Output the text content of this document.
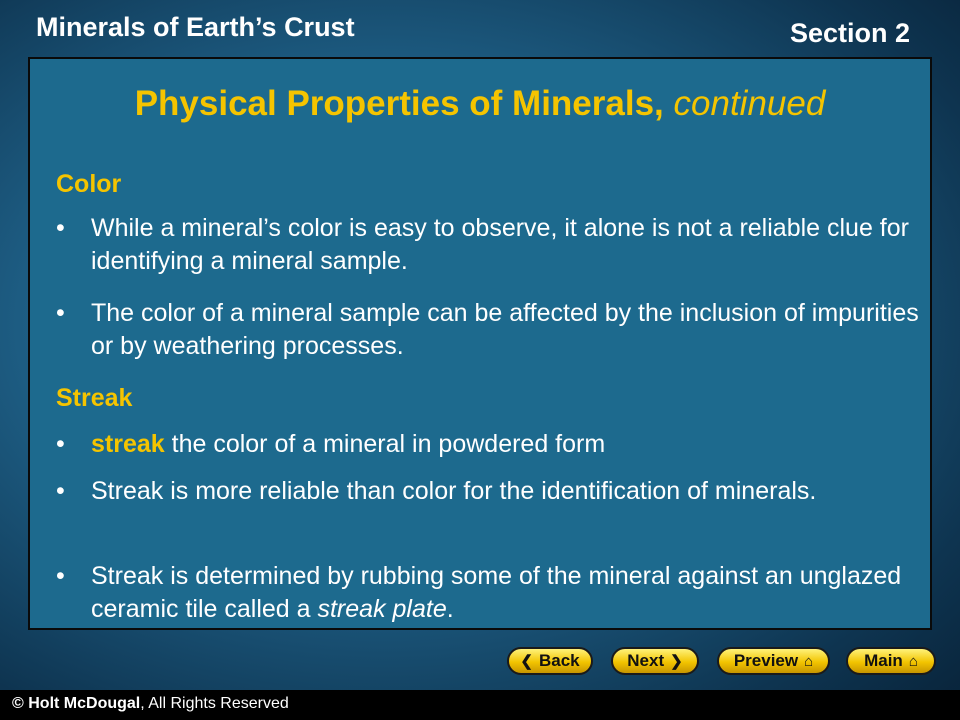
Minerals of Earth’s Crust	Section 2
Physical Properties of Minerals, continued
Color
• While a mineral’s color is easy to observe, it alone is not a reliable clue for identifying a mineral sample.
• The color of a mineral sample can be affected by the inclusion of impurities or by weathering processes.
Streak
• streak the color of a mineral in powdered form
• Streak is more reliable than color for the identification of minerals.
• Streak is determined by rubbing some of the mineral against an unglazed ceramic tile called a streak plate.
❮ Back	Next ❯	Preview ⌂	Main ⌂
© Holt McDougal, All Rights Reserved
